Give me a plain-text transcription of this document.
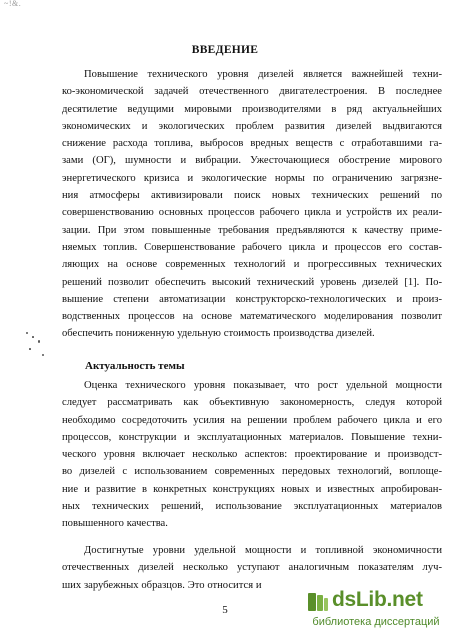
~!&.
ВВЕДЕНИЕ
Повышение технического уровня дизелей является важнейшей техни-
ко-экономической задачей отечественного двигателестроения. В последнее
десятилетие ведущими мировыми производителями в ряд актуальнейших
экономических и экологических проблем развития дизелей выдвигаются
снижение расхода топлива, выбросов вредных веществ с отработавшими га-
зами (ОГ), шумности и вибрации. Ужесточающиеся обострение мирового
энергетического кризиса и экологические нормы по ограничению загрязне-
ния атмосферы активизировали поиск новых технических решений по
совершенствованию основных процессов рабочего цикла и устройств их реали-
зации. При этом повышенные требования предъявляются к качеству приме-
няемых топлив. Совершенствование рабочего цикла и процессов его состав-
ляющих на основе современных технологий и прогрессивных технических
решений позволит обеспечить высокий технический уровень дизелей [1]. По-
вышение степени автоматизации конструкторско-технологических и произ-
водственных процессов на основе математического моделирования позволит
обеспечить пониженную удельную стоимость производства дизелей.
Актуальность темы
Оценка технического уровня показывает, что рост удельной мощности
следует рассматривать как объективную закономерность, следуя которой
необходимо сосредоточить усилия на решении проблем рабочего цикла и его
процессов, конструкции и эксплуатационных материалов. Повышение техни-
ческого уровня включает несколько аспектов: проектирование и производст-
во дизелей с использованием современных передовых технологий, воплоще-
ние и развитие в конкретных конструкциях новых и известных апробирован-
ных технических решений, использование эксплуатационных материалов
повышенного качества.
Достигнутые уровни удельной мощности и топливной экономичности
отечественных дизелей несколько уступают аналогичным показателям луч-
ших зарубежных образцов. Это относится и
5	dsLib.net
библиотека диссертаций
